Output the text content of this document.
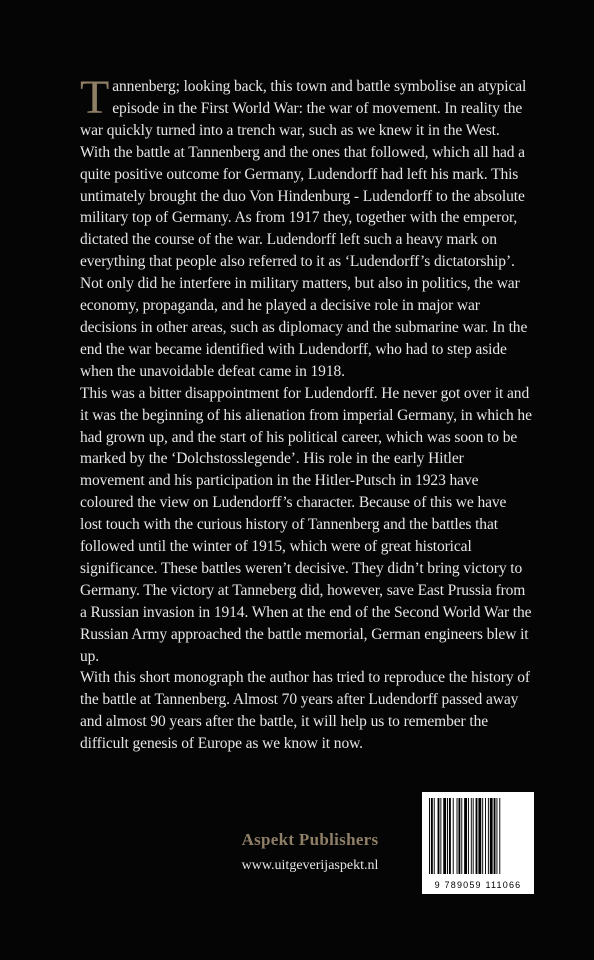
Tannenberg; looking back, this town and battle symbolise an atypical episode in the First World War: the war of movement. In reality the war quickly turned into a trench war, such as we knew it in the West. With the battle at Tannenberg and the ones that followed, which all had a quite positive outcome for Germany, Ludendorff had left his mark. This untimately brought the duo Von Hindenburg - Ludendorff to the absolute military top of Germany. As from 1917 they, together with the emperor, dictated the course of the war. Ludendorff left such a heavy mark on everything that people also referred to it as ‘Ludendorff’s dictatorship’. Not only did he interfere in military matters, but also in politics, the war economy, propaganda, and he played a decisive role in major war decisions in other areas, such as diplomacy and the submarine war. In the end the war became identified with Ludendorff, who had to step aside when the unavoidable defeat came in 1918.

This was a bitter disappointment for Ludendorff. He never got over it and it was the beginning of his alienation from imperial Germany, in which he had grown up, and the start of his political career, which was soon to be marked by the ‘Dolchstosslegende’. His role in the early Hitler movement and his participation in the Hitler-Putsch in 1923 have coloured the view on Ludendorff’s character. Because of this we have lost touch with the curious history of Tannenberg and the battles that followed until the winter of 1915, which were of great historical significance. These battles weren’t decisive. They didn’t bring victory to Germany. The victory at Tanneberg did, however, save East Prussia from a Russian invasion in 1914. When at the end of the Second World War the Russian Army approached the battle memorial, German engineers blew it up.

With this short monograph the author has tried to reproduce the history of the battle at Tannenberg. Almost 70 years after Ludendorff passed away and almost 90 years after the battle, it will help us to remember the difficult genesis of Europe as we know it now.

Aspekt Publishers
www.uitgeverijaspekt.nl
9 789059 111066
